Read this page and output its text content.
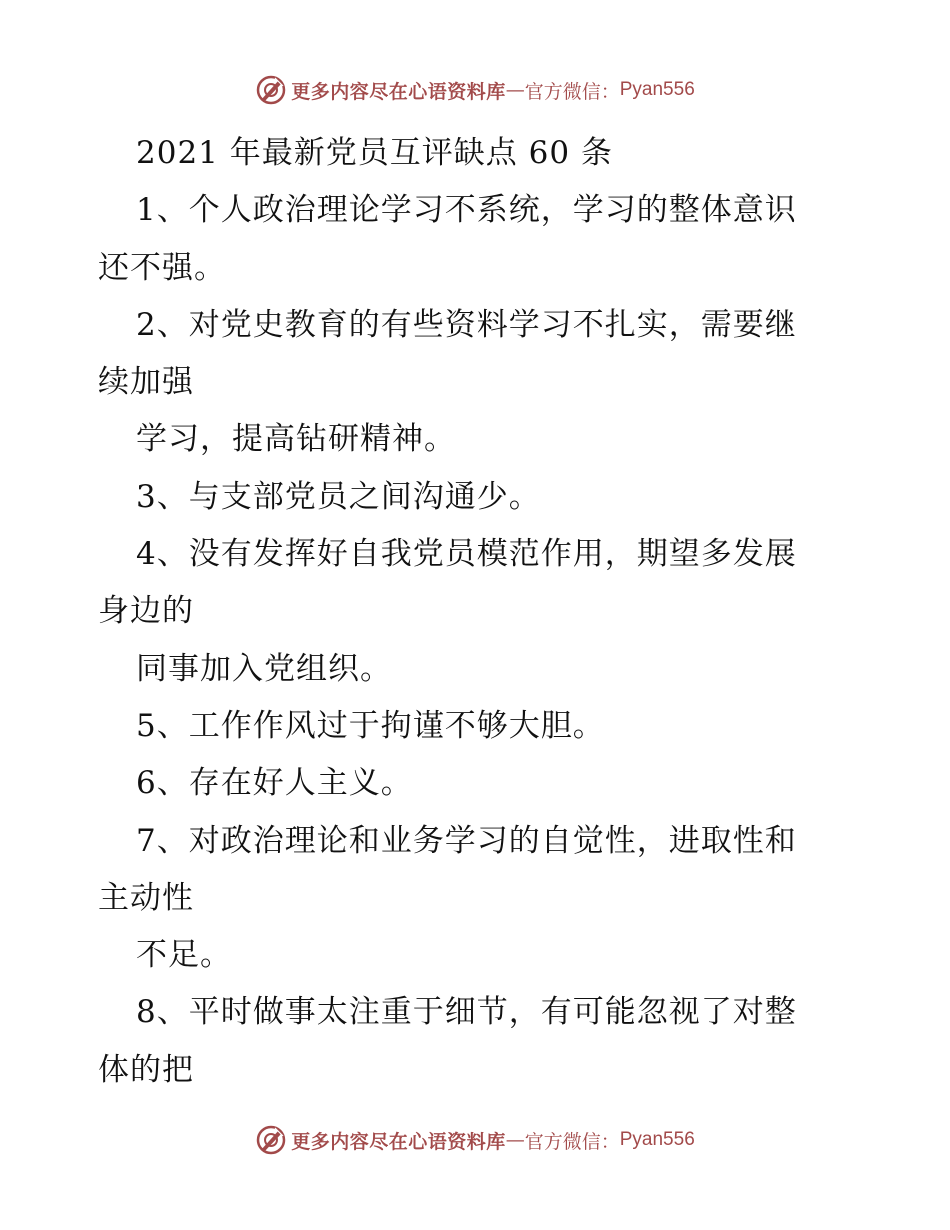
更多内容尽在心语资料库 — 官方微信： Pyan556
2021 年最新党员互评缺点 60 条
1、个人政治理论学习不系统，学习的整体意识
还不强。
2、对党史教育的有些资料学习不扎实，需要继
续加强
学习，提高钻研精神。
3、与支部党员之间沟通少。
4、没有发挥好自我党员模范作用，期望多发展
身边的
同事加入党组织。
5、工作作风过于拘谨不够大胆。
6、存在好人主义。
7、对政治理论和业务学习的自觉性，进取性和
主动性
不足。
8、平时做事太注重于细节，有可能忽视了对整
体的把
更多内容尽在心语资料库 — 官方微信： Pyan556
